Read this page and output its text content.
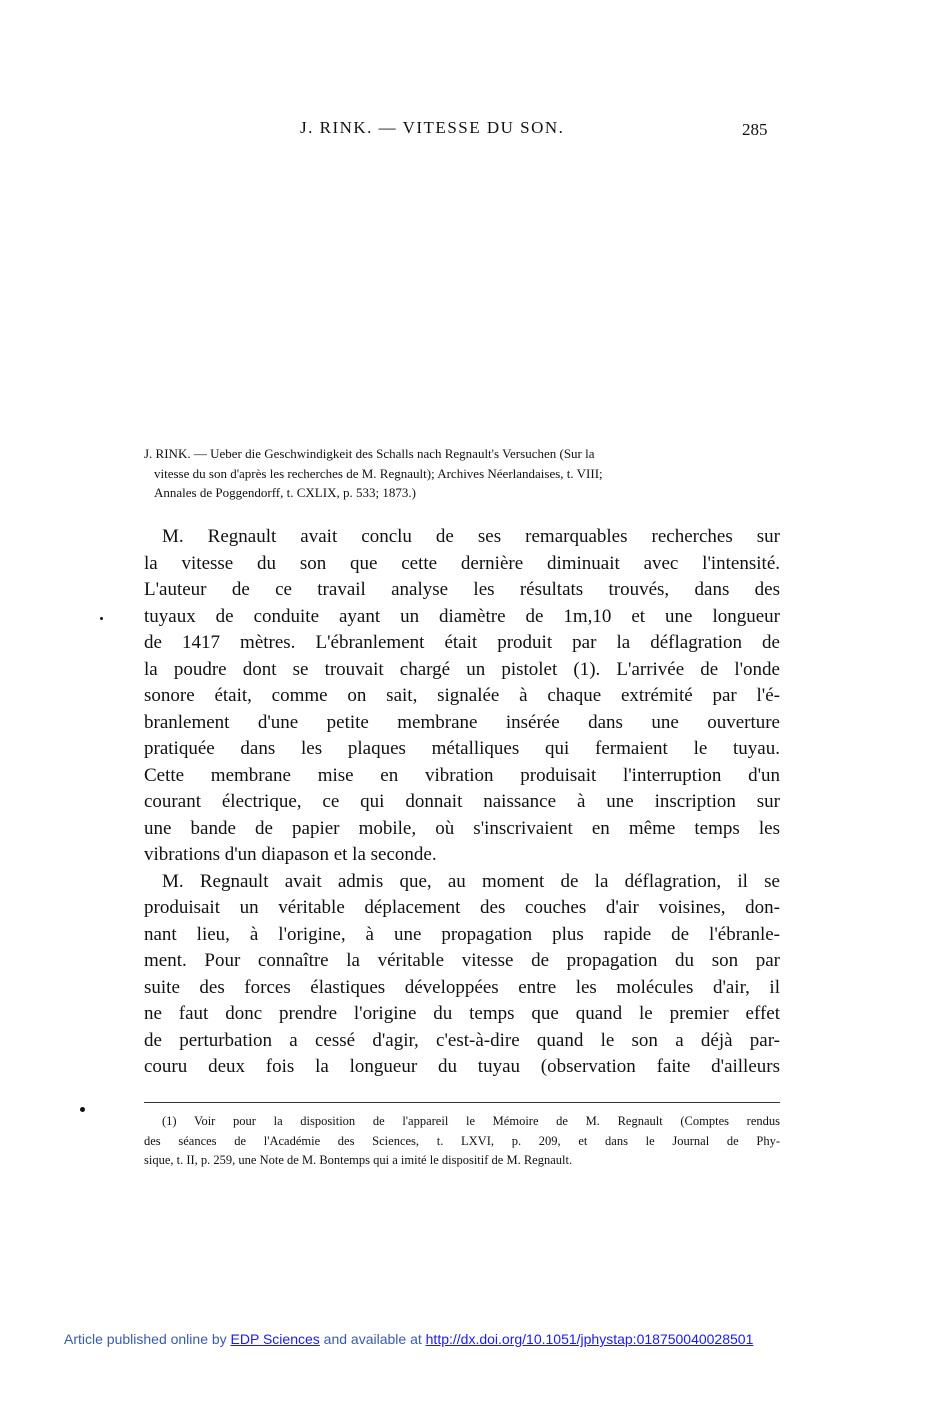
J. RINK. — VITESSE DU SON.	285
J. RINK. — Ueber die Geschwindigkeit des Schalls nach Regnault's Versuchen (Sur la
vitesse du son d'après les recherches de M. Regnault); Archives Néerlandaises, t. VIII;
Annales de Poggendorff, t. CXLIX, p. 533; 1873.)
M. Regnault avait conclu de ses remarquables recherches sur
la vitesse du son que cette dernière diminuait avec l'intensité.
L'auteur de ce travail analyse les résultats trouvés, dans des
tuyaux de conduite ayant un diamètre de 1m,10 et une longueur
de 1417 mètres. L'ébranlement était produit par la déflagration de
la poudre dont se trouvait chargé un pistolet (1). L'arrivée de l'onde
sonore était, comme on sait, signalée à chaque extrémité par l'é-
branlement d'une petite membrane insérée dans une ouverture
pratiquée dans les plaques métalliques qui fermaient le tuyau.
Cette membrane mise en vibration produisait l'interruption d'un
courant électrique, ce qui donnait naissance à une inscription sur
une bande de papier mobile, où s'inscrivaient en même temps les
vibrations d'un diapason et la seconde.
M. Regnault avait admis que, au moment de la déflagration, il se
produisait un véritable déplacement des couches d'air voisines, don-
nant lieu, à l'origine, à une propagation plus rapide de l'ébranle-
ment. Pour connaître la véritable vitesse de propagation du son par
suite des forces élastiques développées entre les molécules d'air, il
ne faut donc prendre l'origine du temps que quand le premier effet
de perturbation a cessé d'agir, c'est-à-dire quand le son a déjà par-
couru deux fois la longueur du tuyau (observation faite d'ailleurs
(1) Voir pour la disposition de l'appareil le Mémoire de M. Regnault (Comptes rendus
des séances de l'Académie des Sciences, t. LXVI, p. 209, et dans le Journal de Phy-
sique, t. II, p. 259, une Note de M. Bontemps qui a imité le dispositif de M. Regnault.
Article published online by EDP Sciences and available at http://dx.doi.org/10.1051/jphystap:018750040028501
